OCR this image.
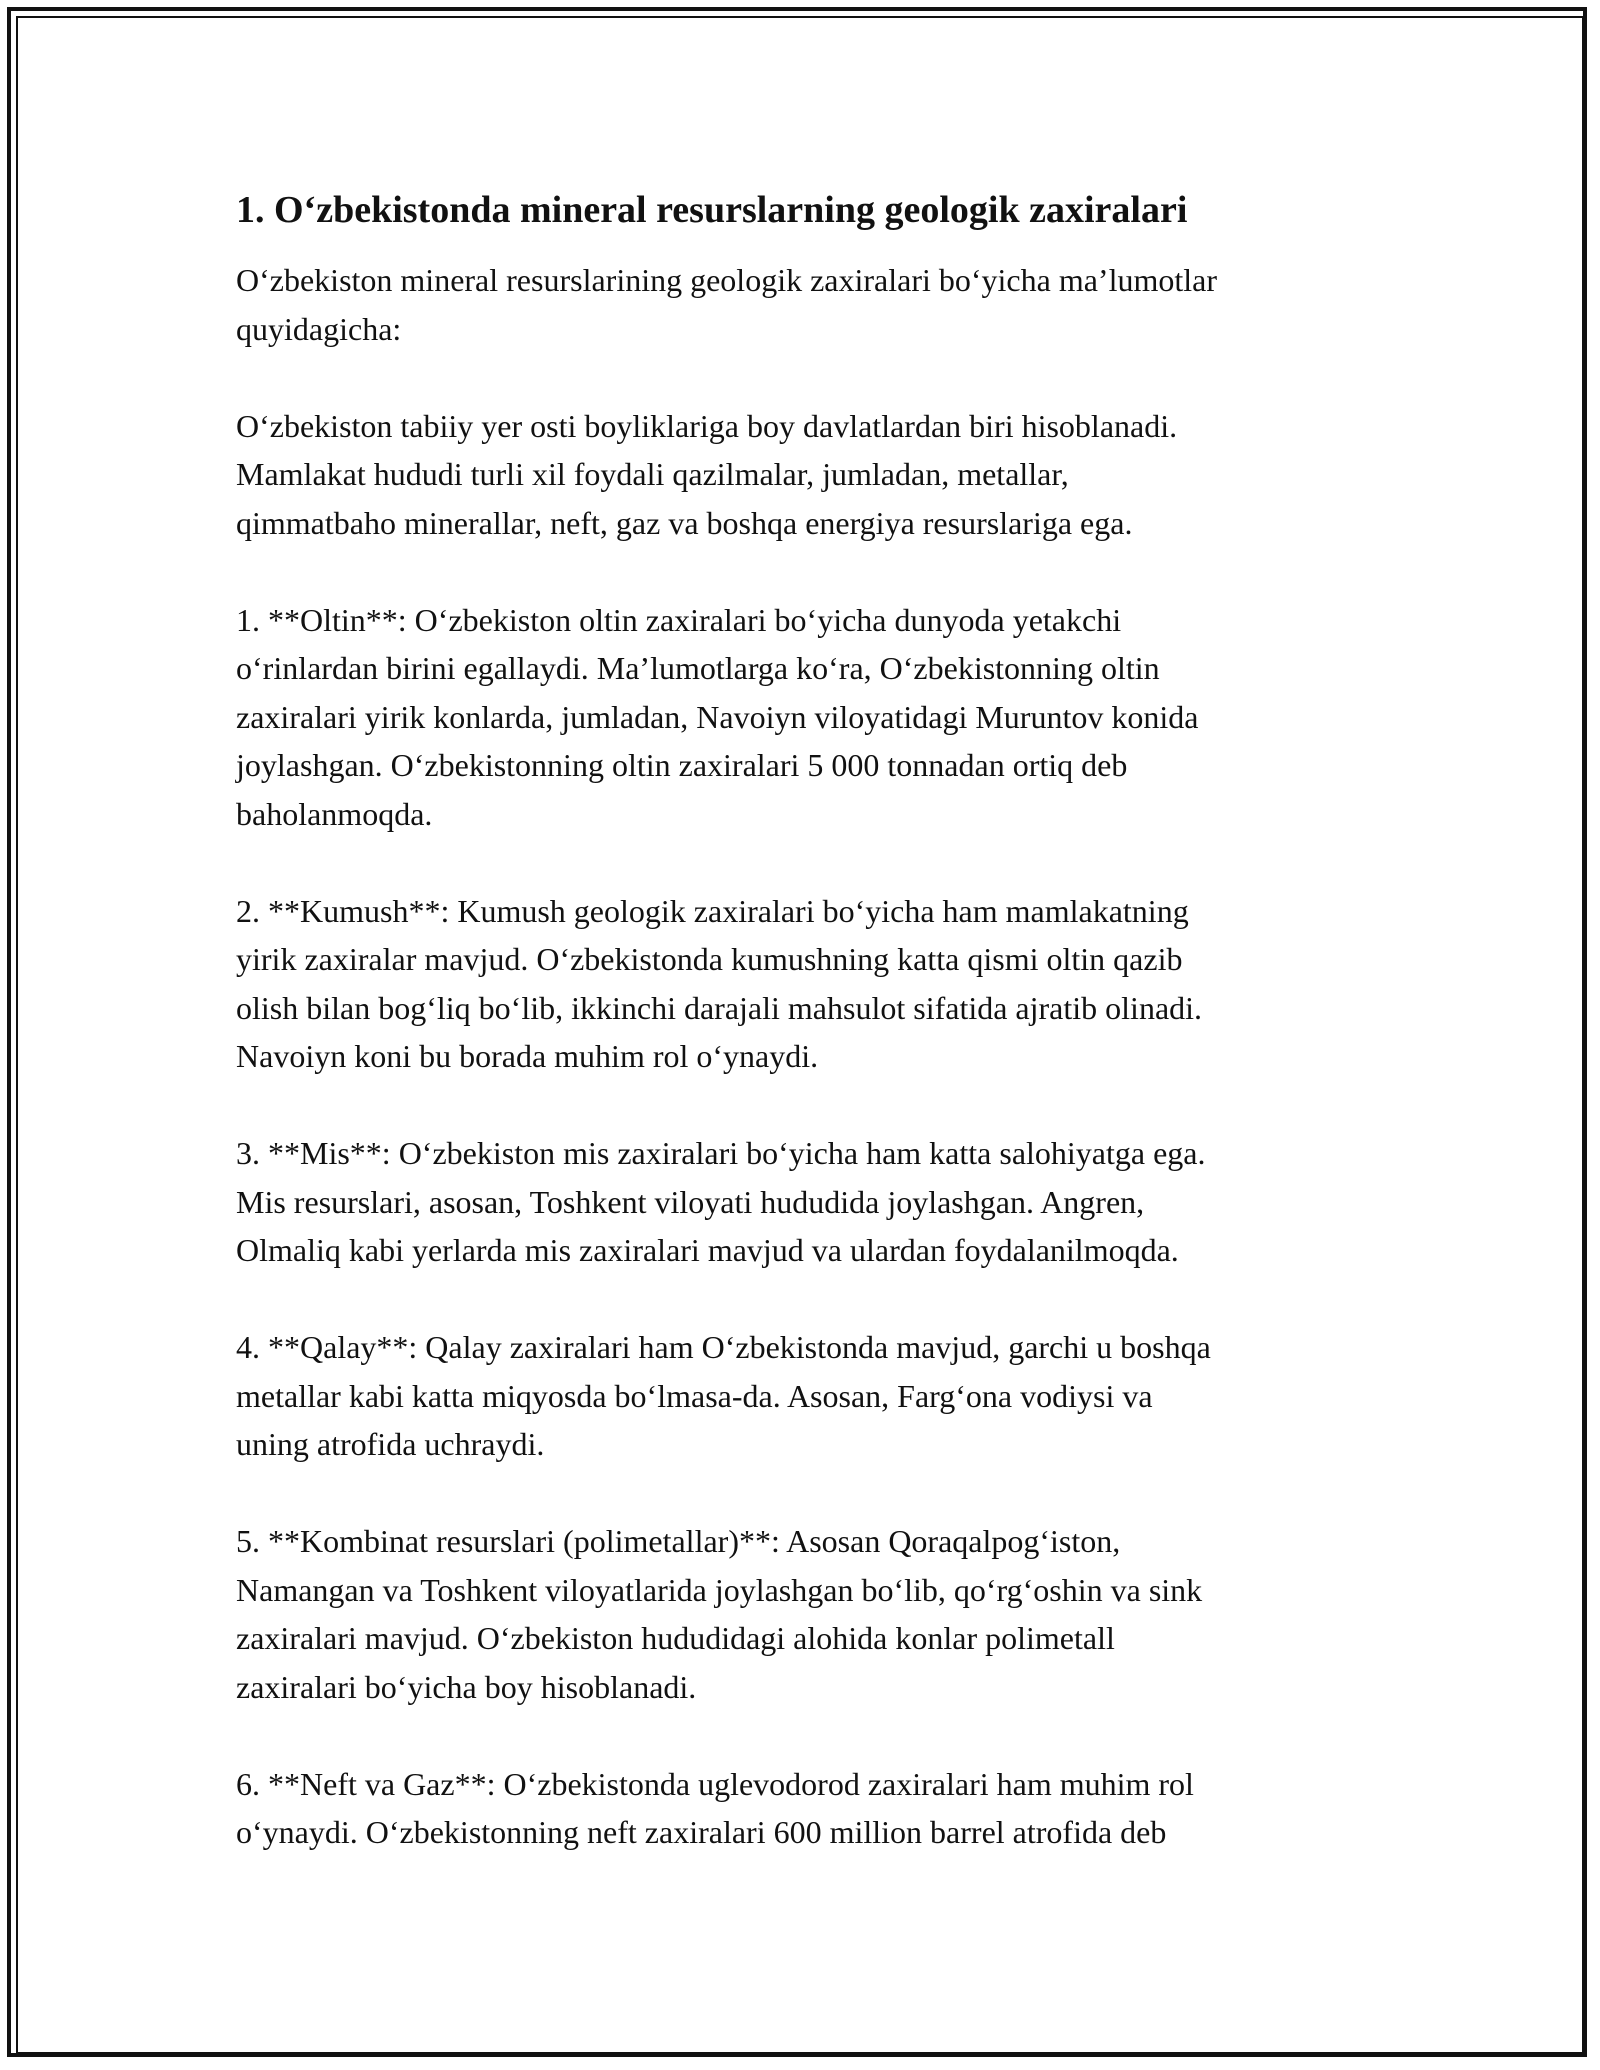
1. O‘zbekistonda mineral resurslarning geologik zaxiralari

O‘zbekiston mineral resurslarining geologik zaxiralari bo‘yicha ma’lumotlar
quyidagicha:

O‘zbekiston tabiiy yer osti boyliklariga boy davlatlardan biri hisoblanadi.
Mamlakat hududi turli xil foydali qazilmalar, jumladan, metallar,
qimmatbaho minerallar, neft, gaz va boshqa energiya resurslariga ega.

1. **Oltin**: O‘zbekiston oltin zaxiralari bo‘yicha dunyoda yetakchi
o‘rinlardan birini egallaydi. Ma’lumotlarga ko‘ra, O‘zbekistonning oltin
zaxiralari yirik konlarda, jumladan, Navoiyn viloyatidagi Muruntov konida
joylashgan. O‘zbekistonning oltin zaxiralari 5 000 tonnadan ortiq deb
baholanmoqda.

2. **Kumush**: Kumush geologik zaxiralari bo‘yicha ham mamlakatning
yirik zaxiralar mavjud. O‘zbekistonda kumushning katta qismi oltin qazib
olish bilan bog‘liq bo‘lib, ikkinchi darajali mahsulot sifatida ajratib olinadi.
Navoiyn koni bu borada muhim rol o‘ynaydi.

3. **Mis**: O‘zbekiston mis zaxiralari bo‘yicha ham katta salohiyatga ega.
Mis resurslari, asosan, Toshkent viloyati hududida joylashgan. Angren,
Olmaliq kabi yerlarda mis zaxiralari mavjud va ulardan foydalanilmoqda.

4. **Qalay**: Qalay zaxiralari ham O‘zbekistonda mavjud, garchi u boshqa
metallar kabi katta miqyosda bo‘lmasa-da. Asosan, Farg‘ona vodiysi va
uning atrofida uchraydi.

5. **Kombinat resurslari (polimetallar)**: Asosan Qoraqalpog‘iston,
Namangan va Toshkent viloyatlarida joylashgan bo‘lib, qo‘rg‘oshin va sink
zaxiralari mavjud. O‘zbekiston hududidagi alohida konlar polimetall
zaxiralari bo‘yicha boy hisoblanadi.

6. **Neft va Gaz**: O‘zbekistonda uglevodorod zaxiralari ham muhim rol
o‘ynaydi. O‘zbekistonning neft zaxiralari 600 million barrel atrofida deb
